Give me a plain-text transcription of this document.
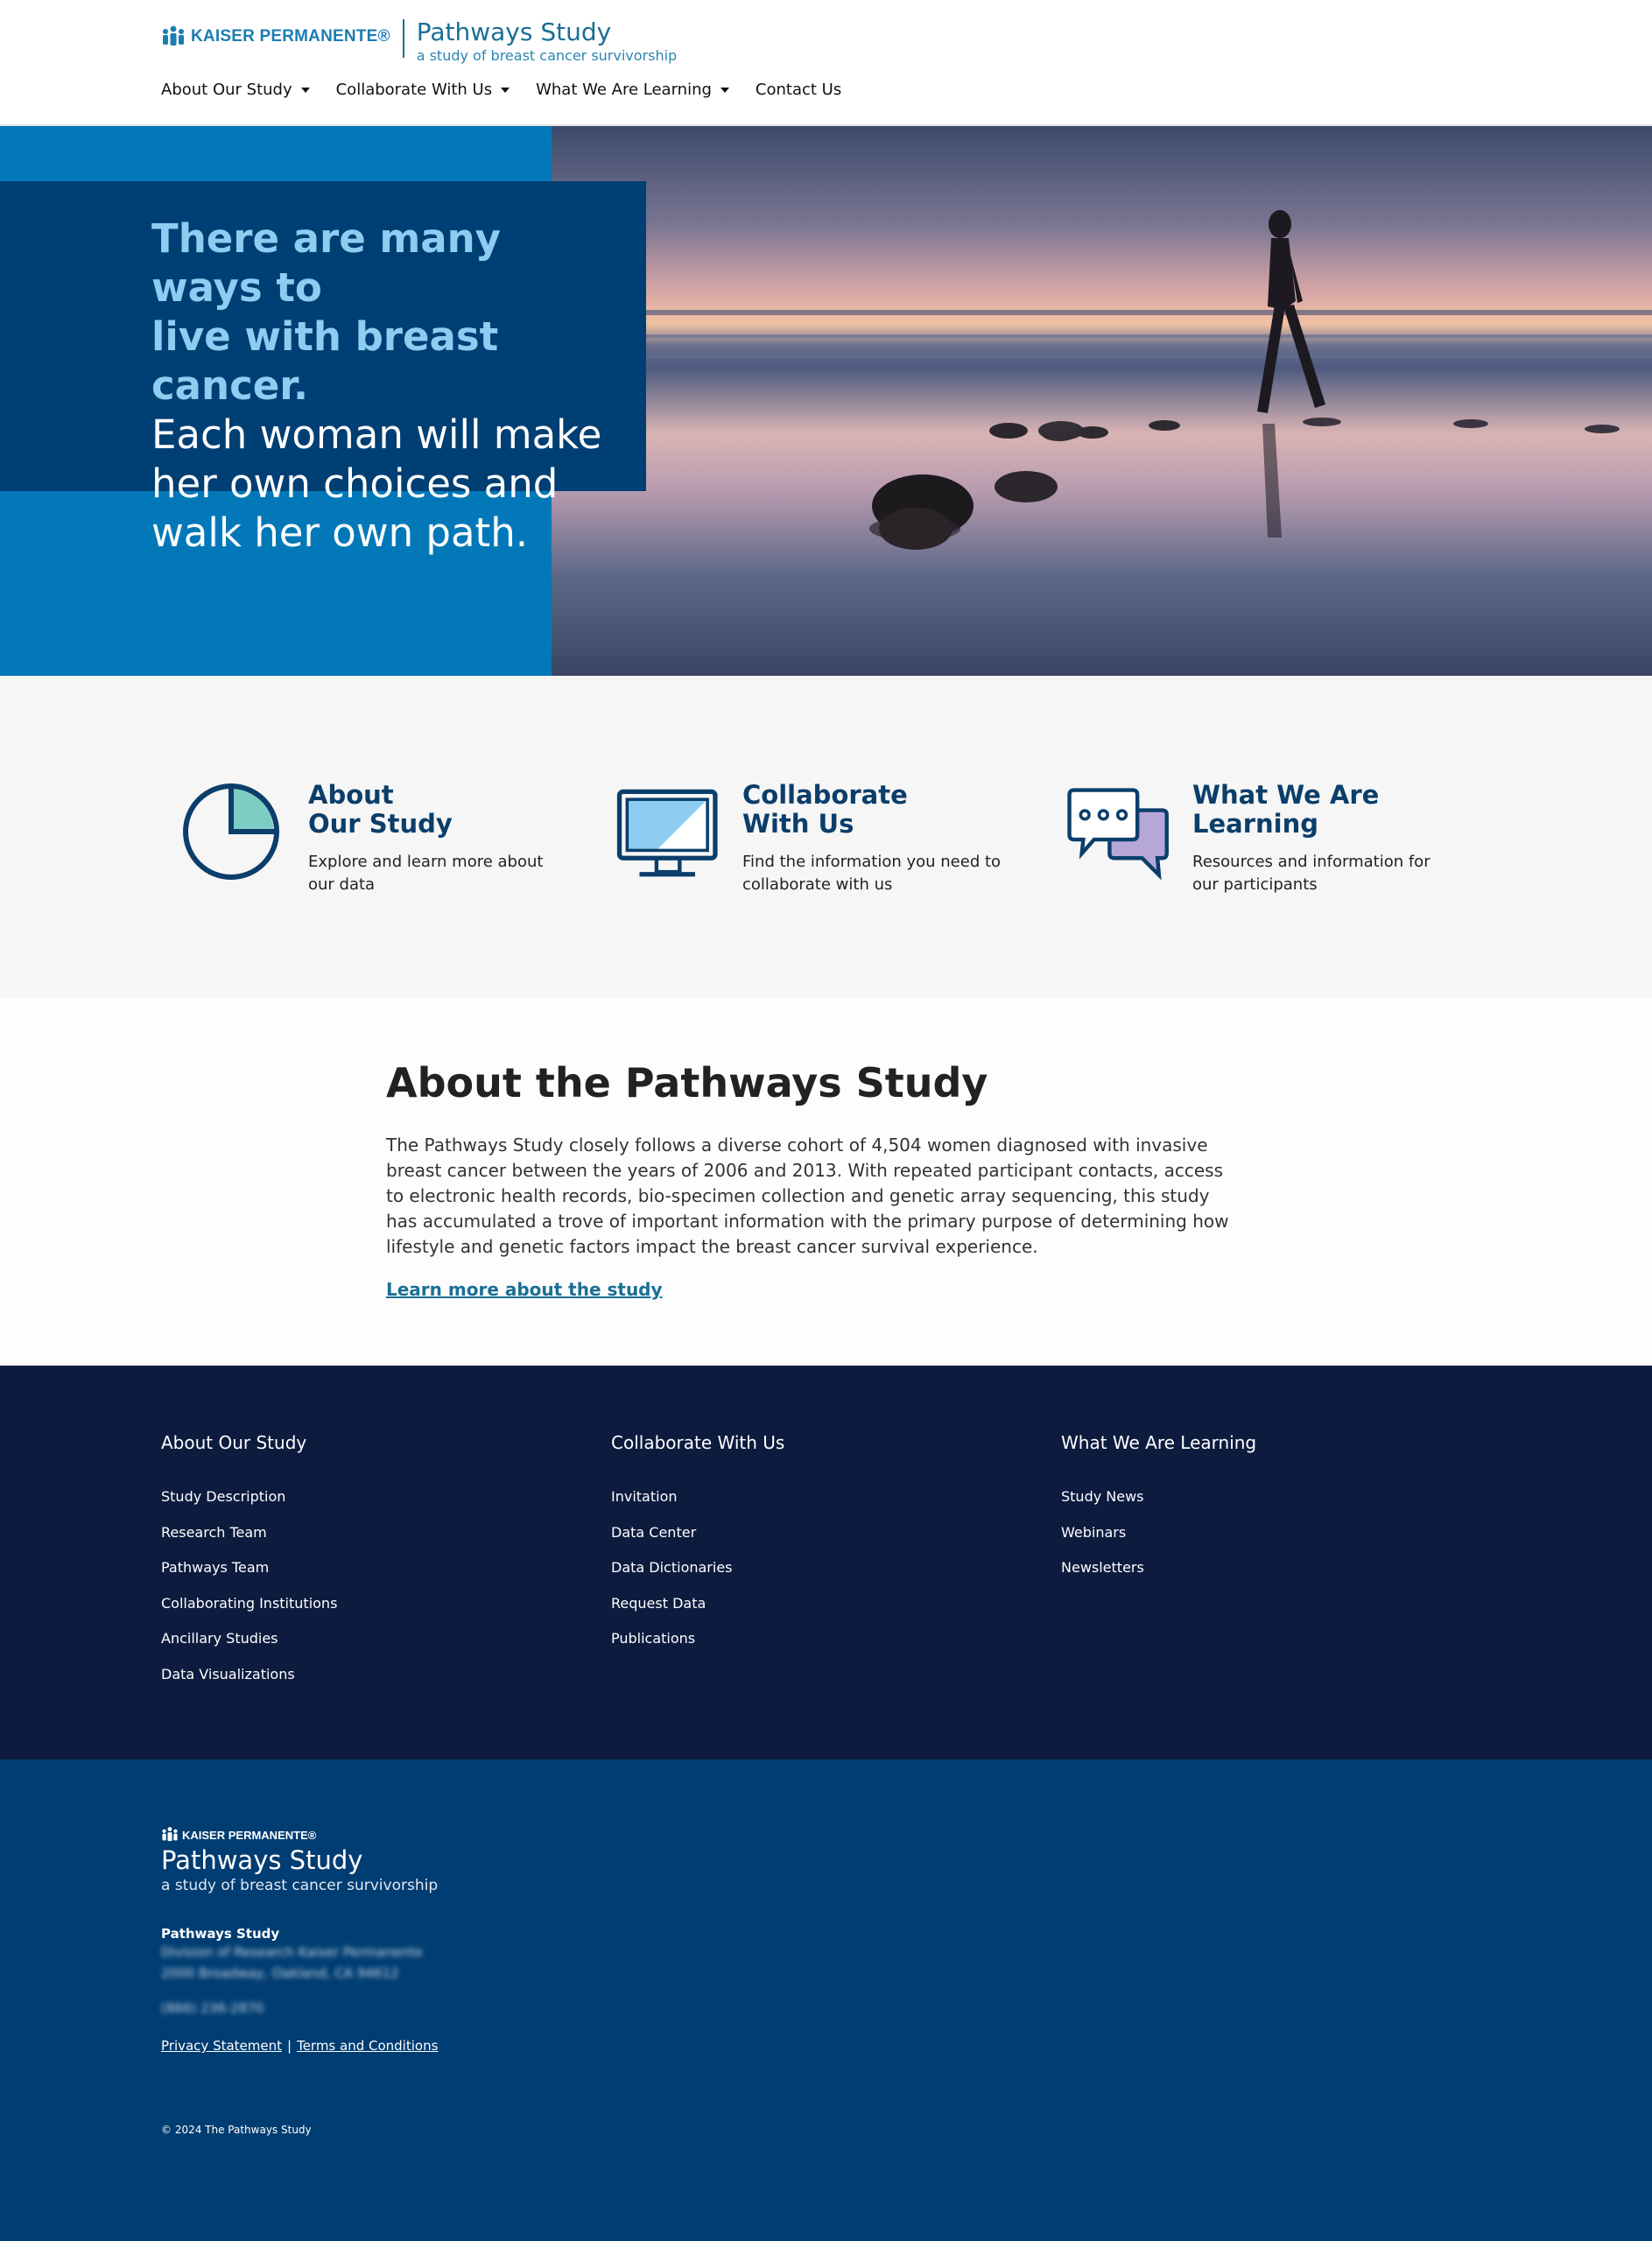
KAISER PERMANENTE® Pathways Study
a study of breast cancer survivorship
About Our Study	Collaborate With Us	What We Are Learning	Contact Us
There are many ways to
live with breast cancer.
Each woman will make
her own choices and
walk her own path.
About
Our Study
Explore and learn more about our data
Collaborate
With Us
Find the information you need to collaborate with us
What We Are
Learning
Resources and information for our participants
About the Pathways Study
The Pathways Study closely follows a diverse cohort of 4,504 women diagnosed with invasive breast cancer between the years of 2006 and 2013. With repeated participant contacts, access to electronic health records, bio-specimen collection and genetic array sequencing, this study has accumulated a trove of important information with the primary purpose of determining how lifestyle and genetic factors impact the breast cancer survival experience.
Learn more about the study
About Our Study
Study Description
Research Team
Pathways Team
Collaborating Institutions
Ancillary Studies
Data Visualizations
Collaborate With Us
Invitation
Data Center
Data Dictionaries
Request Data
Publications
What We Are Learning
Study News
Webinars
Newsletters
KAISER PERMANENTE®
Pathways Study
a study of breast cancer survivorship
Pathways Study
Division of Research Kaiser Permanente
2000 Broadway, Oakland, CA 94612
(866) 236-2870
Privacy Statement | Terms and Conditions
© 2024 The Pathways Study
